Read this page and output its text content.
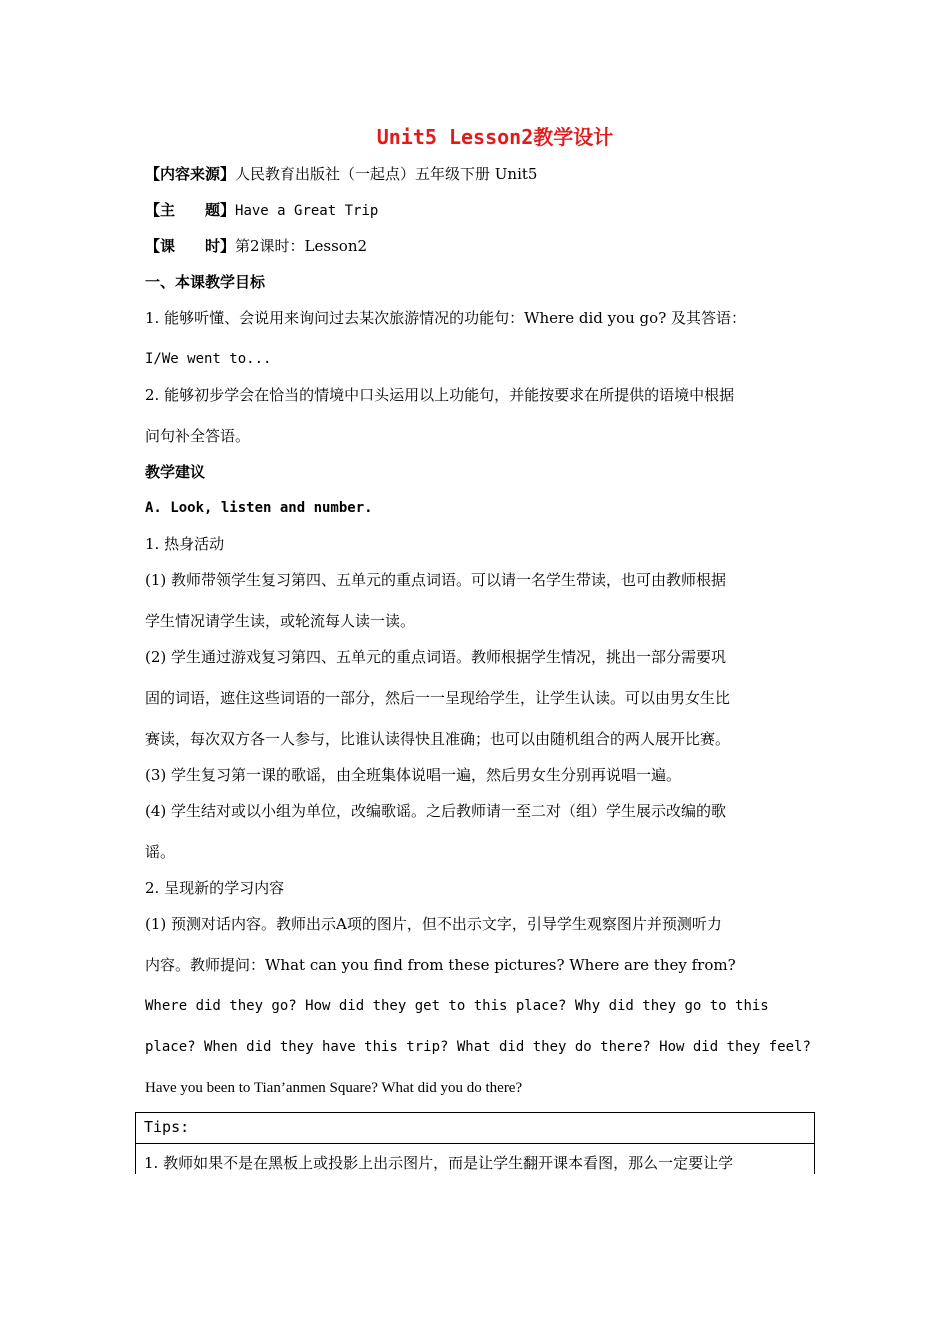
Unit5 Lesson2教学设计
【内容来源】人民教育出版社（一起点）五年级下册 Unit5
【主　　题】Have a Great Trip
【课　　时】第2课时：Lesson2
一、本课教学目标
1. 能够听懂、会说用来询问过去某次旅游情况的功能句：Where did you go? 及其答语：
I/We went to...
2. 能够初步学会在恰当的情境中口头运用以上功能句，并能按要求在所提供的语境中根据
问句补全答语。
教学建议
A. Look, listen and number.
1. 热身活动
(1) 教师带领学生复习第四、五单元的重点词语。可以请一名学生带读，也可由教师根据
学生情况请学生读，或轮流每人读一读。
(2) 学生通过游戏复习第四、五单元的重点词语。教师根据学生情况，挑出一部分需要巩
固的词语，遮住这些词语的一部分，然后一一呈现给学生，让学生认读。可以由男女生比
赛读，每次双方各一人参与，比谁认读得快且准确；也可以由随机组合的两人展开比赛。
(3) 学生复习第一课的歌谣，由全班集体说唱一遍，然后男女生分别再说唱一遍。
(4) 学生结对或以小组为单位，改编歌谣。之后教师请一至二对（组）学生展示改编的歌
谣。
2. 呈现新的学习内容
(1) 预测对话内容。教师出示A项的图片，但不出示文字，引导学生观察图片并预测听力
内容。教师提问：What can you find from these pictures? Where are they from?
Where did they go? How did they get to this place? Why did they go to this
place? When did they have this trip? What did they do there? How did they feel?
Have you been to Tian’anmen Square? What did you do there?
Tips:
1. 教师如果不是在黑板上或投影上出示图片，而是让学生翻开课本看图，那么一定要让学
